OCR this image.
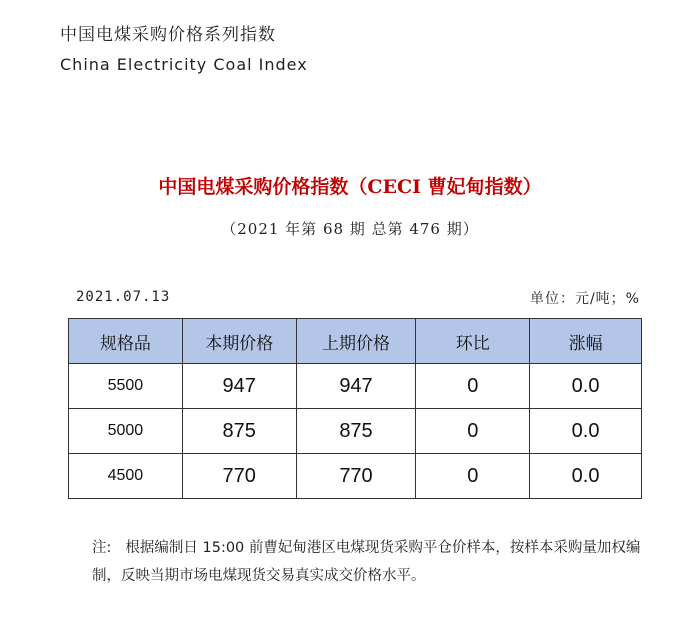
中国电煤采购价格系列指数
China Electricity Coal Index
中国电煤采购价格指数（CECI 曹妃甸指数）
（2021 年第 68 期 总第 476 期）
2021.07.13	单位：元/吨；%
规格品	本期价格	上期价格	环比	涨幅
5500	947	947	0	0.0
5000	875	875	0	0.0
4500	770	770	0	0.0
注: 根据编制日 15:00 前曹妃甸港区电煤现货采购平仓价样本，按样本采购量加权编制，反映当期市场电煤现货交易真实成交价格水平。
